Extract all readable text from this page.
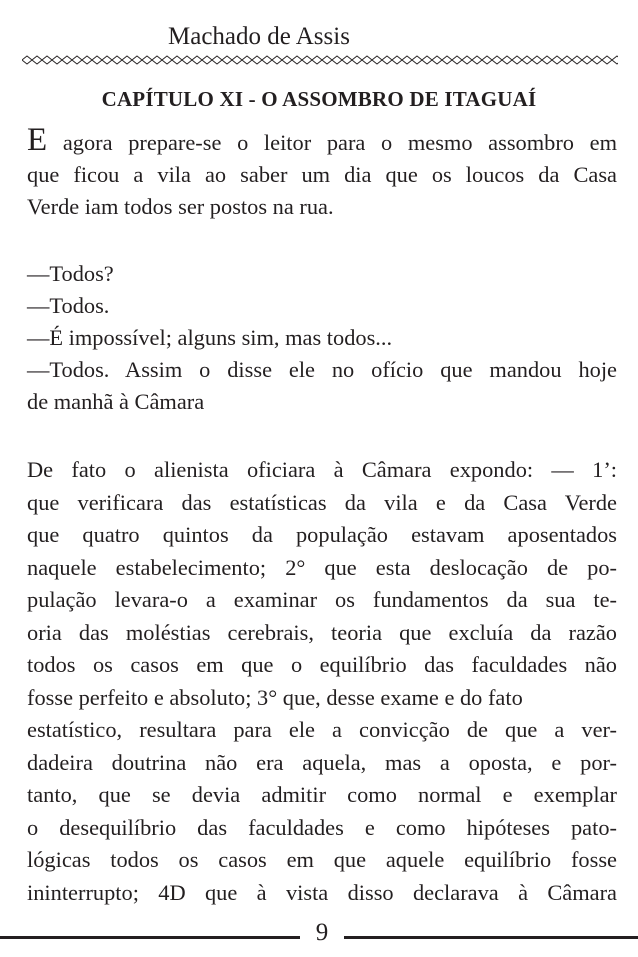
Machado de Assis
CAPÍTULO XI - O ASSOMBRO DE ITAGUAÍ
E agora prepare-se o leitor para o mesmo assombro em
que ficou a vila ao saber um dia que os loucos da Casa
Verde iam todos ser postos na rua.
—Todos?
—Todos.
—É impossível; alguns sim, mas todos...
—Todos. Assim o disse ele no ofício que mandou hoje
de manhã à Câmara
De fato o alienista oficiara à Câmara expondo: — 1’:
que verificara das estatísticas da vila e da Casa Verde
que quatro quintos da população estavam aposentados
naquele estabelecimento; 2° que esta deslocação de po-
pulação levara-o a examinar os fundamentos da sua te-
oria das moléstias cerebrais, teoria que excluía da razão
todos os casos em que o equilíbrio das faculdades não
fosse perfeito e absoluto; 3° que, desse exame e do fato
estatístico, resultara para ele a convicção de que a ver-
dadeira doutrina não era aquela, mas a oposta, e por-
tanto, que se devia admitir como normal e exemplar
o desequilíbrio das faculdades e como hipóteses pato-
lógicas todos os casos em que aquele equilíbrio fosse
ininterrupto; 4D que à vista disso declarava à Câmara
9
